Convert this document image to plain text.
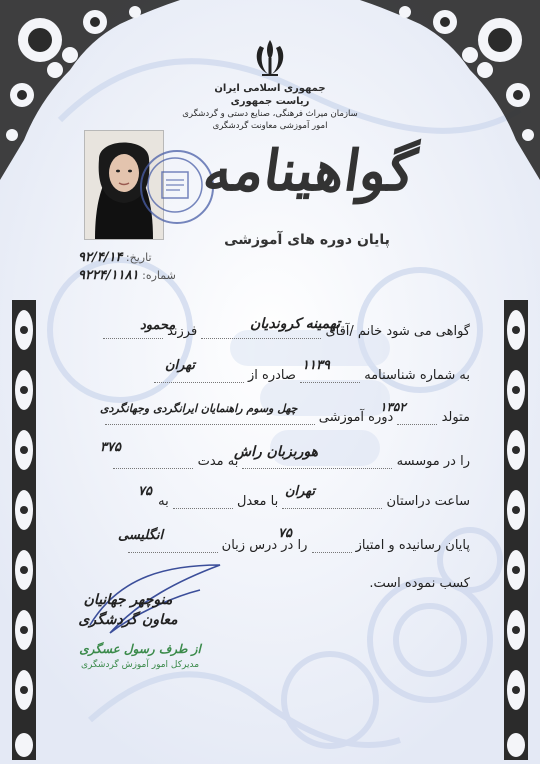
جمهوری اسلامی ایران
ریاست جمهوری
سازمان میراث فرهنگی، صنایع دستی و گردشگری
امور آموزشی معاونت گردشگری
گواهینامه
پایان دوره های آموزشی
تاریخ: ۹۲/۴/۱۴
شماره: ۹۲۲۴/۱۱۸۱
گواهی می شود خانم /آقای  فرزند
به شماره شناسنامه  صادره از
متولد  دوره آموزشی
را در موسسه  به مدت
ساعت دراستان  با معدل  به
پایان رسانیده و امتیاز  را در درس زبان
کسب نموده است.
تهمینه کروندیان
محمود
۱۱۳۹
تهران
۱۳۵۲
چهل وسوم راهنمایان ایرانگردی وجهانگردی
هوربزبان راش
۳۷۵
تهران
۷۵
۷۵
انگلیسی
منوچهر جهانیان
معاون گردشگری
از طرف رسول عسگری
مدیرکل امور آموزش گردشگری
